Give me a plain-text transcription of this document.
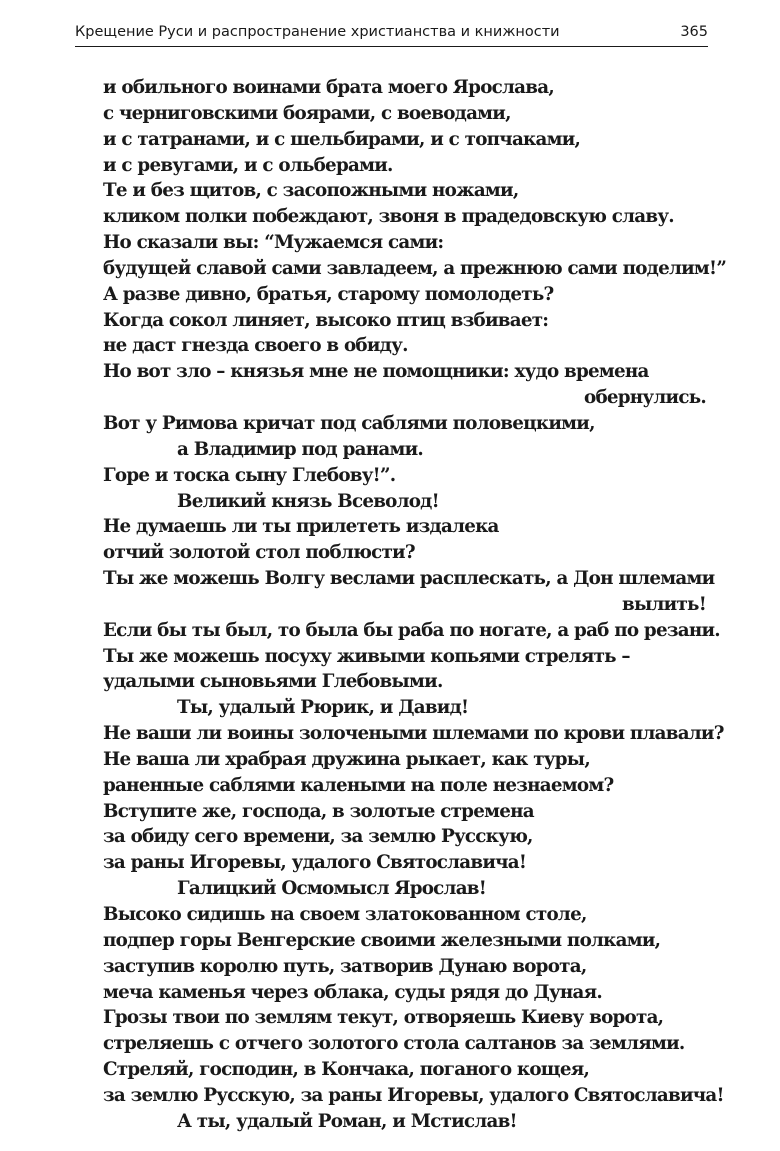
Крещение Руси и распространение христианства и книжности	365
и обильного воинами брата моего Ярослава,
с черниговскими боярами, с воеводами,
и с татранами, и с шельбирами, и с топчаками,
и с ревугами, и с ольберами.
Те и без щитов, с засопожными ножами,
кликом полки побеждают, звоня в прадедовскую славу.
Но сказали вы: “Мужаемся сами:
будущей славой сами завладеем, а прежнюю сами поделим!”
А разве дивно, братья, старому помолодеть?
Когда сокол линяет, высоко птиц взбивает:
не даст гнезда своего в обиду.
Но вот зло – князья мне не помощники: худо времена
обернулись.
Вот у Римова кричат под саблями половецкими,
а Владимир под ранами.
Горе и тоска сыну Глебову!”.
Великий князь Всеволод!
Не думаешь ли ты прилететь издалека
отчий золотой стол поблюсти?
Ты же можешь Волгу веслами расплескать, а Дон шлемами
вылить!
Если бы ты был, то была бы раба по ногате, а раб по резани.
Ты же можешь посуху живыми копьями стрелять –
удалыми сыновьями Глебовыми.
Ты, удалый Рюрик, и Давид!
Не ваши ли воины золочеными шлемами по крови плавали?
Не ваша ли храбрая дружина рыкает, как туры,
раненные саблями калеными на поле незнаемом?
Вступите же, господа, в золотые стремена
за обиду сего времени, за землю Русскую,
за раны Игоревы, удалого Святославича!
Галицкий Осмомысл Ярослав!
Высоко сидишь на своем златокованном столе,
подпер горы Венгерские своими железными полками,
заступив королю путь, затворив Дунаю ворота,
меча каменья через облака, суды рядя до Дуная.
Грозы твои по землям текут, отворяешь Киеву ворота,
стреляешь с отчего золотого стола салтанов за землями.
Стреляй, господин, в Кончака, поганого кощея,
за землю Русскую, за раны Игоревы, удалого Святославича!
А ты, удалый Роман, и Мстислав!
